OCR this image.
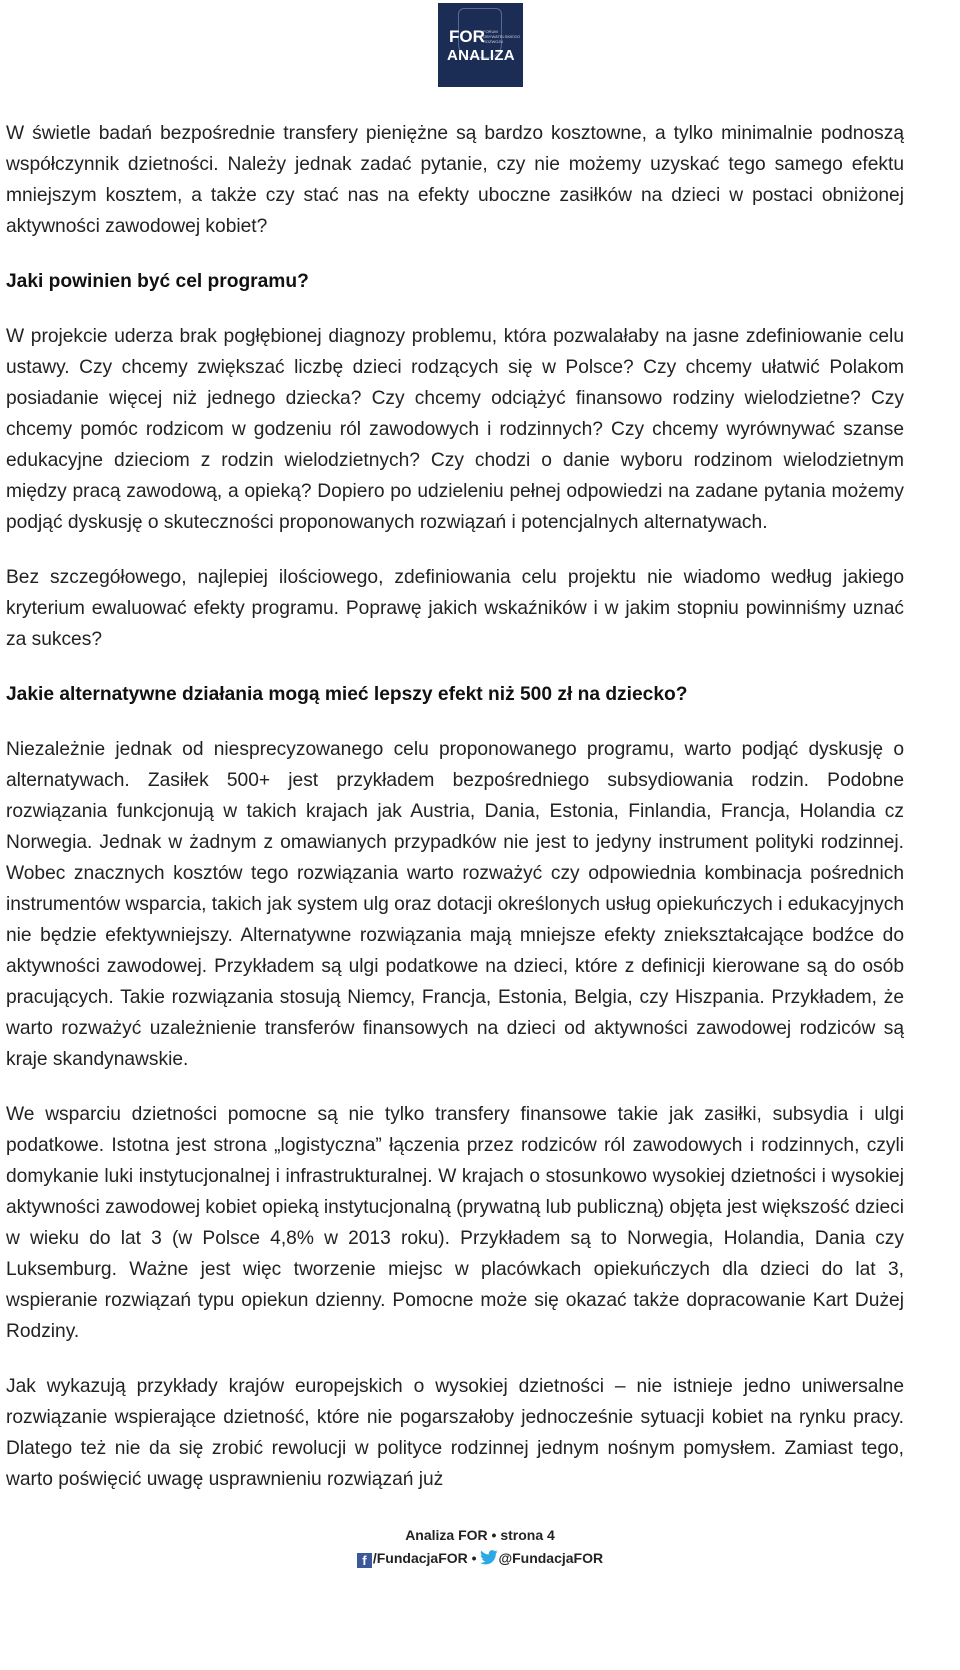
FOR
FORUM OBYWATELSKIEGO ROZWOJU
ANALIZA

W świetle badań bezpośrednie transfery pieniężne są bardzo kosztowne, a tylko minimalnie podnoszą współczynnik dzietności. Należy jednak zadać pytanie, czy nie możemy uzyskać tego samego efektu mniejszym kosztem, a także czy stać nas na efekty uboczne zasiłków na dzieci w postaci obniżonej aktywności zawodowej kobiet?

Jaki powinien być cel programu?

W projekcie uderza brak pogłębionej diagnozy problemu, która pozwalałaby na jasne zdefiniowanie celu ustawy. Czy chcemy zwiększać liczbę dzieci rodzących się w Polsce? Czy chcemy ułatwić Polakom posiadanie więcej niż jednego dziecka? Czy chcemy odciążyć finansowo rodziny wielodzietne? Czy chcemy pomóc rodzicom w godzeniu ról zawodowych i rodzinnych? Czy chcemy wyrównywać szanse edukacyjne dzieciom z rodzin wielodzietnych? Czy chodzi o danie wyboru rodzinom wielodzietnym między pracą zawodową, a opieką? Dopiero po udzieleniu pełnej odpowiedzi na zadane pytania możemy podjąć dyskusję o skuteczności proponowanych rozwiązań i potencjalnych alternatywach.

Bez szczegółowego, najlepiej ilościowego, zdefiniowania celu projektu nie wiadomo według jakiego kryterium ewaluować efekty programu. Poprawę jakich wskaźników i w jakim stopniu powinniśmy uznać za sukces?

Jakie alternatywne działania mogą mieć lepszy efekt niż 500 zł na dziecko?

Niezależnie jednak od niesprecyzowanego celu proponowanego programu, warto podjąć dyskusję o alternatywach. Zasiłek 500+ jest przykładem bezpośredniego subsydiowania rodzin. Podobne rozwiązania funkcjonują w takich krajach jak Austria, Dania, Estonia, Finlandia, Francja, Holandia cz Norwegia. Jednak w żadnym z omawianych przypadków nie jest to jedyny instrument polityki rodzinnej. Wobec znacznych kosztów tego rozwiązania warto rozważyć czy odpowiednia kombinacja pośrednich instrumentów wsparcia, takich jak system ulg oraz dotacji określonych usług opiekuńczych i edukacyjnych nie będzie efektywniejszy. Alternatywne rozwiązania mają mniejsze efekty zniekształcające bodźce do aktywności zawodowej. Przykładem są ulgi podatkowe na dzieci, które z definicji kierowane są do osób pracujących. Takie rozwiązania stosują Niemcy, Francja, Estonia, Belgia, czy Hiszpania. Przykładem, że warto rozważyć uzależnienie transferów finansowych na dzieci od aktywności zawodowej rodziców są kraje skandynawskie.

We wsparciu dzietności pomocne są nie tylko transfery finansowe takie jak zasiłki, subsydia i ulgi podatkowe. Istotna jest strona „logistyczna” łączenia przez rodziców ról zawodowych i rodzinnych, czyli domykanie luki instytucjonalnej i infrastrukturalnej. W krajach o stosunkowo wysokiej dzietności i wysokiej aktywności zawodowej kobiet opieką instytucjonalną (prywatną lub publiczną) objęta jest większość dzieci w wieku do lat 3 (w Polsce 4,8% w 2013 roku). Przykładem są to Norwegia, Holandia, Dania czy Luksemburg. Ważne jest więc tworzenie miejsc w placówkach opiekuńczych dla dzieci do lat 3, wspieranie rozwiązań typu opiekun dzienny. Pomocne może się okazać także dopracowanie Kart Dużej Rodziny.

Jak wykazują przykłady krajów europejskich o wysokiej dzietności – nie istnieje jedno uniwersalne rozwiązanie wspierające dzietność, które nie pogarszałoby jednocześnie sytuacji kobiet na rynku pracy. Dlatego też nie da się zrobić rewolucji w polityce rodzinnej jednym nośnym pomysłem. Zamiast tego, warto poświęcić uwagę usprawnieniu rozwiązań już

Analiza FOR • strona 4
f /FundacjaFOR • @FundacjaFOR
